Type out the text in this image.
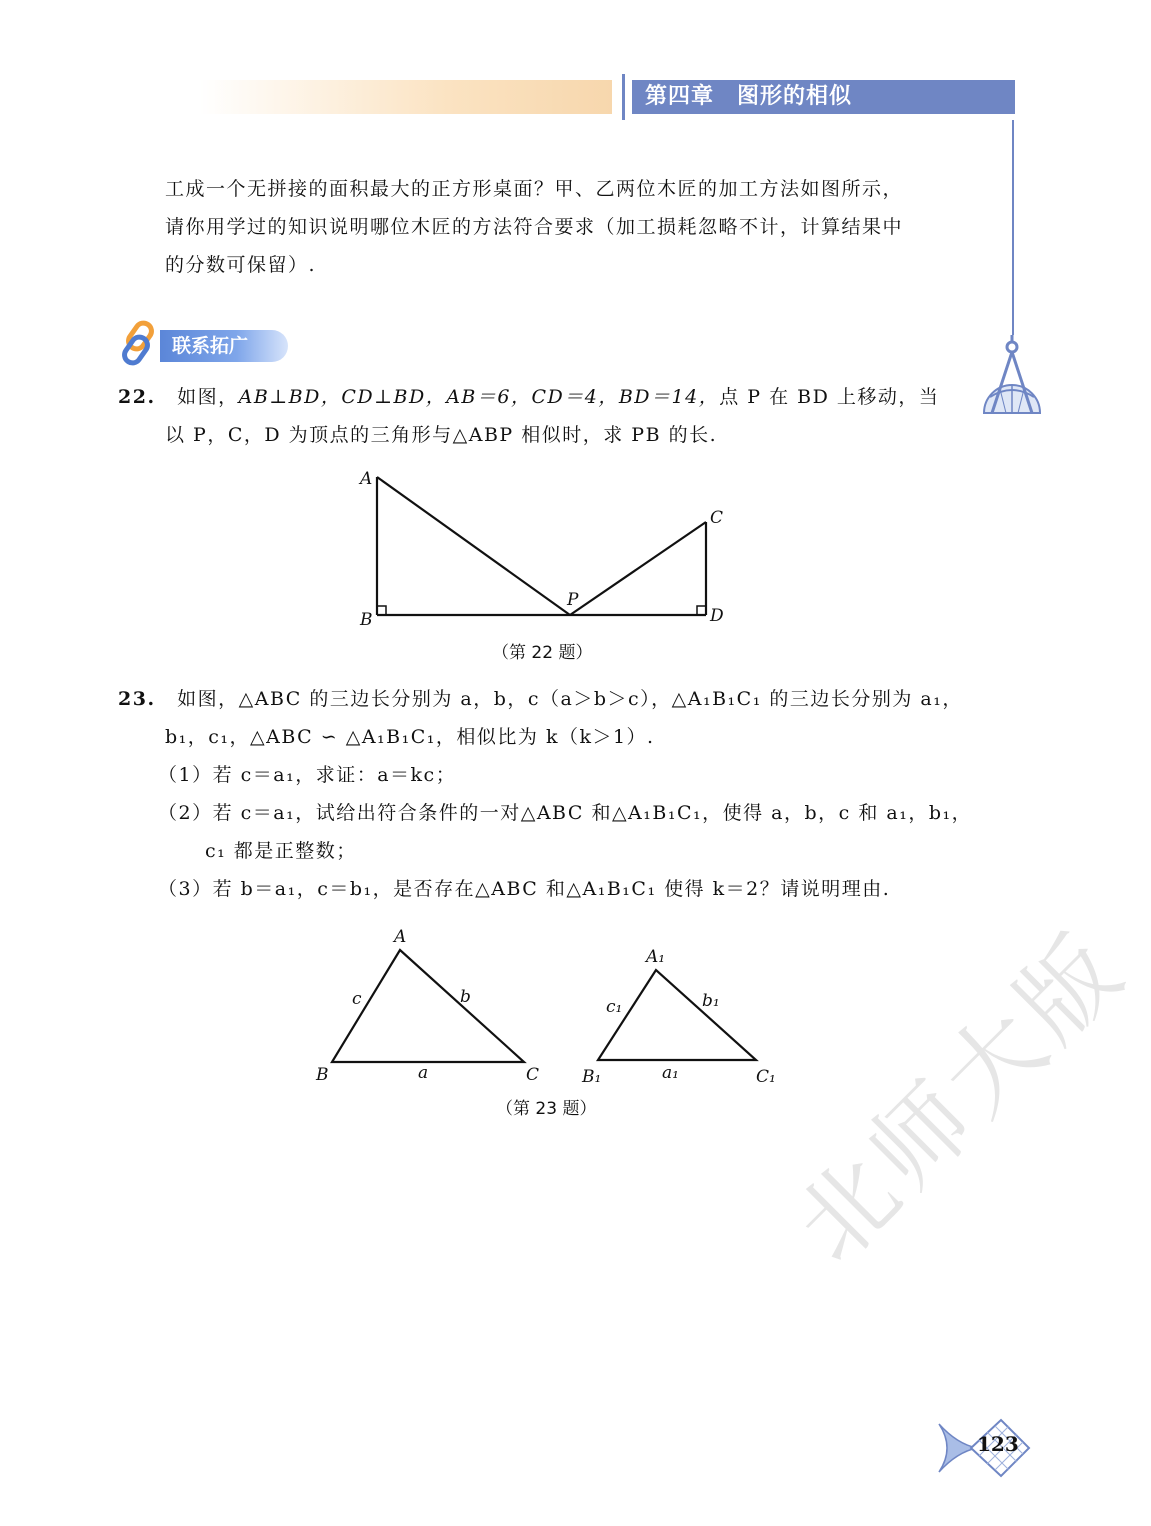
第四章　图形的相似
工成一个无拼接的面积最大的正方形桌面？甲、乙两位木匠的加工方法如图所示，
请你用学过的知识说明哪位木匠的方法符合要求（加工损耗忽略不计，计算结果中
的分数可保留）.
联系拓广
22. 如图，AB⊥BD，CD⊥BD，AB＝6，CD＝4，BD＝14，点 P 在 BD 上移动，当
以 P，C，D 为顶点的三角形与△ABP 相似时，求 PB 的长.
A
B
C
D
P
（第 22 题）
23. 如图，△ABC 的三边长分别为 a，b，c（a＞b＞c），△A₁B₁C₁ 的三边长分别为 a₁，
b₁，c₁，△ABC ∽ △A₁B₁C₁，相似比为 k（k＞1）.
（1）若 c＝a₁，求证：a＝kc；
（2）若 c＝a₁，试给出符合条件的一对△ABC 和△A₁B₁C₁，使得 a，b，c 和 a₁，b₁，
c₁ 都是正整数；
（3）若 b＝a₁，c＝b₁，是否存在△ABC 和△A₁B₁C₁ 使得 k＝2？请说明理由.
A
B	C
a
b
c
A₁
B₁	C₁
a₁
b₁
c₁
（第 23 题） 北师大版
123
